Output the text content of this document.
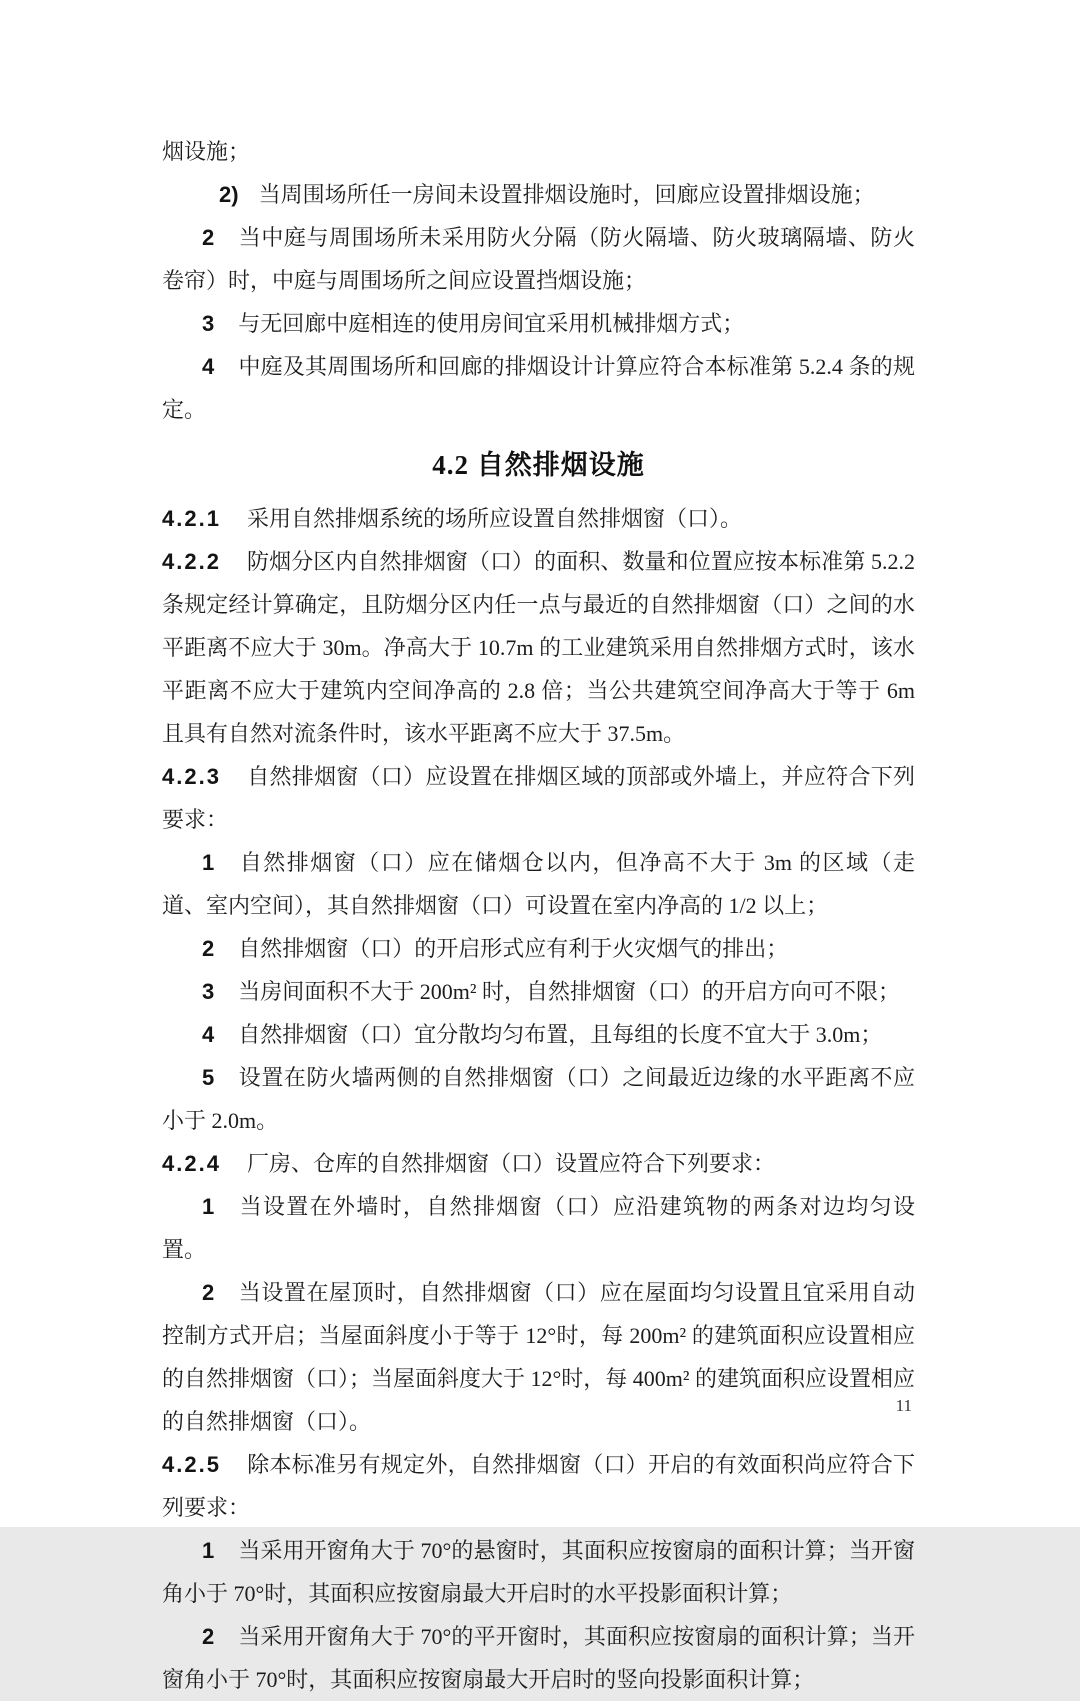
烟设施；

2) 当周围场所任一房间未设置排烟设施时，回廊应设置排烟设施；

2 当中庭与周围场所未采用防火分隔（防火隔墙、防火玻璃隔墙、防火卷帘）时，中庭与周围场所之间应设置挡烟设施；

3 与无回廊中庭相连的使用房间宜采用机械排烟方式；

4 中庭及其周围场所和回廊的排烟设计计算应符合本标准第 5.2.4 条的规定。

4.2 自然排烟设施

4.2.1 采用自然排烟系统的场所应设置自然排烟窗（口）。

4.2.2 防烟分区内自然排烟窗（口）的面积、数量和位置应按本标准第 5.2.2 条规定经计算确定，且防烟分区内任一点与最近的自然排烟窗（口）之间的水平距离不应大于 30m。净高大于 10.7m 的工业建筑采用自然排烟方式时，该水平距离不应大于建筑内空间净高的 2.8 倍；当公共建筑空间净高大于等于 6m 且具有自然对流条件时，该水平距离不应大于 37.5m。

4.2.3 自然排烟窗（口）应设置在排烟区域的顶部或外墙上，并应符合下列要求：

1 自然排烟窗（口）应在储烟仓以内，但净高不大于 3m 的区域（走道、室内空间），其自然排烟窗（口）可设置在室内净高的 1/2 以上；

2 自然排烟窗（口）的开启形式应有利于火灾烟气的排出；

3 当房间面积不大于 200m² 时，自然排烟窗（口）的开启方向可不限；

4 自然排烟窗（口）宜分散均匀布置，且每组的长度不宜大于 3.0m；

5 设置在防火墙两侧的自然排烟窗（口）之间最近边缘的水平距离不应小于 2.0m。

4.2.4 厂房、仓库的自然排烟窗（口）设置应符合下列要求：

1 当设置在外墙时，自然排烟窗（口）应沿建筑物的两条对边均匀设置。

2 当设置在屋顶时，自然排烟窗（口）应在屋面均匀设置且宜采用自动控制方式开启；当屋面斜度小于等于 12°时，每 200m² 的建筑面积应设置相应的自然排烟窗（口）；当屋面斜度大于 12°时，每 400m² 的建筑面积应设置相应的自然排烟窗（口）。

4.2.5 除本标准另有规定外，自然排烟窗（口）开启的有效面积尚应符合下列要求：

1 当采用开窗角大于 70°的悬窗时，其面积应按窗扇的面积计算；当开窗角小于 70°时，其面积应按窗扇最大开启时的水平投影面积计算；

2 当采用开窗角大于 70°的平开窗时，其面积应按窗扇的面积计算；当开窗角小于 70°时，其面积应按窗扇最大开启时的竖向投影面积计算；

11
